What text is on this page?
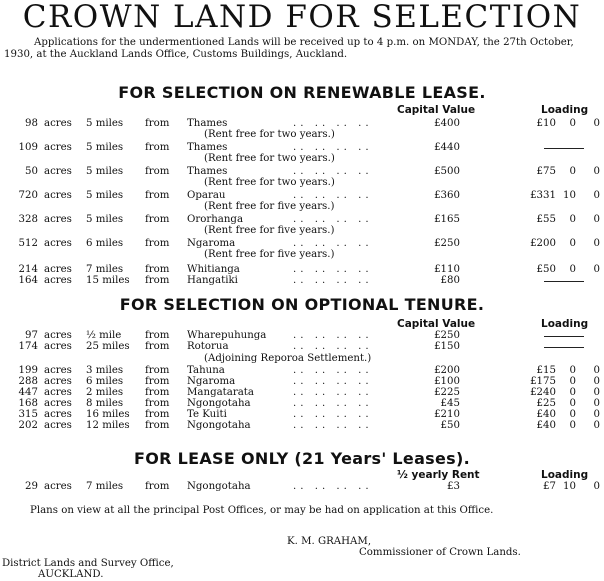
CROWN LAND FOR SELECTION
Applications for the undermentioned Lands will be received up to 4 p.m. on MONDAY, the 27th October, 1930, at the Auckland Lands Office, Customs Buildings, Auckland.
FOR SELECTION ON RENEWABLE LEASE.
Capital Value	Loading
98 acres 5 miles from Thames	£400	£10	0	0
.. .. .. ..
(Rent free for two years.)
109 acres 5 miles from Thames	£440
.. .. .. ..
(Rent free for two years.)
50 acres 5 miles from Thames	£500	£75	0	0
.. .. .. ..
(Rent free for two years.)
720 acres 5 miles from Oparau	£360	£331 10	0
.. .. .. ..
(Rent free for five years.)
328 acres 5 miles from Ororhanga	£165	£55	0	0
.. .. .. ..
(Rent free for five years.)
512 acres 6 miles from Ngaroma	£250	£200	0	0
.. .. .. ..
(Rent free for five years.)
214 acres 7 miles from Whitianga	£110	£50	0	0
.. .. .. ..
164 acres 15 miles from Hangatiki	£80
.. .. .. ..
FOR SELECTION ON OPTIONAL TENURE.
Capital Value	Loading
97 acres ½ mile from Wharepuhunga	£250
.. .. .. ..
174 acres 25 miles from Rotorua	£150
.. .. .. ..
(Adjoining Reporoa Settlement.)
199 acres 3 miles from Tahuna	£200	£15	0	0
.. .. .. ..
288 acres 6 miles from Ngaroma	£100	£175	0	0
.. .. .. ..
447 acres 2 miles from Mangatarata	£225	£240	0	0
.. .. .. ..
168 acres 8 miles from Ngongotaha	£45	£25	0	0
.. .. .. ..
315 acres 16 miles from Te Kuiti	£210	£40	0	0
.. .. .. ..
202 acres 12 miles from Ngongotaha	£50	£40	0	0
.. .. .. ..
FOR LEASE ONLY (21 Years' Leases).
½ yearly Rent	Loading
29 acres 7 miles from Ngongotaha	£3	£7 10	0
.. .. .. ..
Plans on view at all the principal Post Offices, or may be had on application at this Office.
K. M. GRAHAM,
Commissioner of Crown Lands.
District Lands and Survey Office,
AUCKLAND.
